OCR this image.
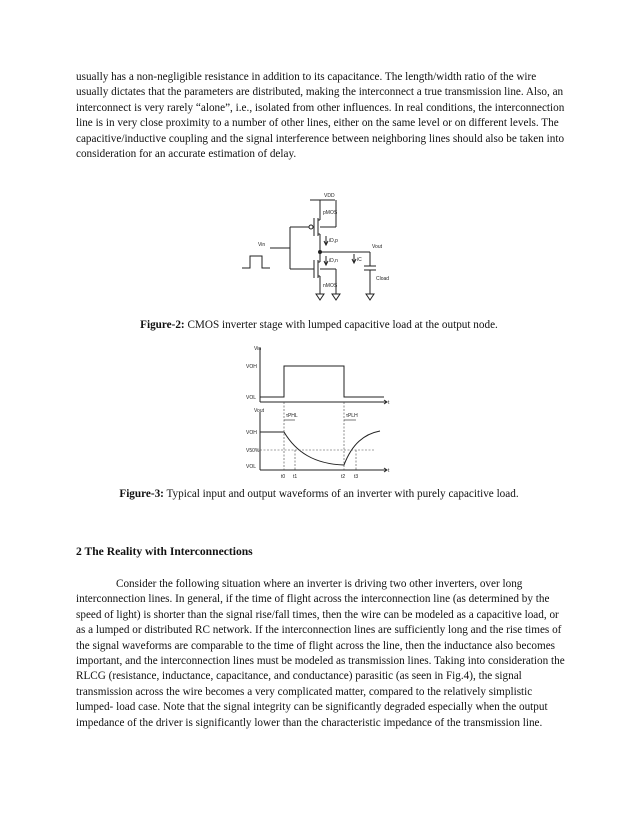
usually has a non-negligible resistance in addition to its capacitance. The length/width ratio of the wire usually dictates that the parameters are distributed, making the interconnect a true transmission line. Also, an interconnect is very rarely “alone”, i.e., isolated from other influences. In real conditions, the interconnection line is in very close proximity to a number of other lines, either on the same level or on different levels. The capacitive/inductive coupling and the signal interference between neighboring lines should also be taken into consideration for an accurate estimation of delay.

VDD
pMOS
nMOS
Vin	Vout
iD,p
iD,n	iC
Cload

Figure-2: CMOS inverter stage with lumped capacitive load at the output node.

Vin
VOH
VOL
t
Vout
VOH
V50%
VOL
τPHL	τPLH
t
t0 t1	t2 t3

Figure-3: Typical input and output waveforms of an inverter with purely capacitive load.

2 The Reality with Interconnections

Consider the following situation where an inverter is driving two other inverters, over long interconnection lines. In general, if the time of flight across the interconnection line (as determined by the speed of light) is shorter than the signal rise/fall times, then the wire can be modeled as a capacitive load, or as a lumped or distributed RC network. If the interconnection lines are sufficiently long and the rise times of the signal waveforms are comparable to the time of flight across the line, then the inductance also becomes important, and the interconnection lines must be modeled as transmission lines. Taking into consideration the RLCG (resistance, inductance, capacitance, and conductance) parasitic (as seen in Fig.4), the signal transmission across the wire becomes a very complicated matter, compared to the relatively simplistic lumped- load case. Note that the signal integrity can be significantly degraded especially when the output impedance of the driver is significantly lower than the characteristic impedance of the transmission line.
